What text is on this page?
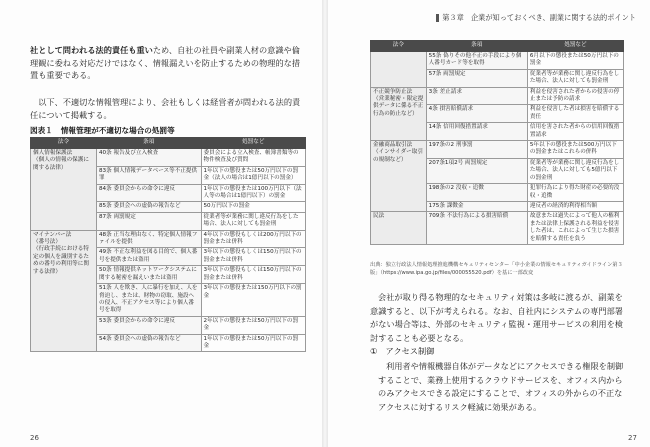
社として問われる法的責任も重いため、自社の社員や副業人材の意識や倫理観に委ねる対応だけではなく、情報漏えいを防止するための物理的な措置も重要である。

　以下、不適切な情報管理により、会社もしくは経営者が問われる法的責任について掲載する。

図表１ 情報管理が不適切な場合の処罰等
法令	条項	処罰など
個人情報保護法
（個人の情報の保護に関する法律）	40条 報告及び立入検査	委員会による立入検査、帳簿書類等の物件検査及び質問
	83条 個人情報データベース等不正提供罪	1年以下の懲役または50万円以下の罰金（法人の場合は1億円以下の罰金）
	84条 委員会からの命令に違反	1年以下の懲役または100万円以下（法人等の場合は1億円以下）の罰金
	85条 委員会への虚偽の報告など	50万円以下の罰金
	87条 両罰規定	従業者等が業務に関し違反行為をした場合、法人に対しても罰金刑
マイナンバー法
（番号法）
（行政手続における特定の個人を識別するための番号の利用等に関する法律）	48条 正当な理由なく、特定個人情報ファイルを提供	4年以下の懲役もしくは200万円以下の罰金または併科
	49条 不正な利益を図る目的で、個人番号を提供または盗用	3年以下の懲役もしくは150万円以下の罰金または併科
	50条 情報提供ネットワークシステムに関する秘密を漏えいまたは盗用	3年以下の懲役もしくは150万円以下の罰金または併科
	51条 人を欺き、人に暴行を加え、人を脅迫し、または、財物の窃取、施設への侵入、不正アクセス等により個人番号を取得	3年以下の懲役または150万円以下の罰金
	53条 委員会からの命令に違反	2年以下の懲役または50万円以下の罰金
	54条 委員会への虚偽の報告など	1年以下の懲役または50万円以下の罰金
26
第３章　企業が知っておくべき、副業に関する法的ポイント
法令	条項	処罰など
	55条 偽りその他不正の手段により個人番号カード等を取得	6月以下の懲役または50万円以下の罰金
	57条 両罰規定	従業者等が業務に関し違反行為をした場合、法人に対しても罰金刑
不正競争防止法
（営業秘密・限定提供データに係る不正行為の防止など）	3条 差止請求	利益を侵害された者からの侵害の停止または予防の請求
	4条 損害賠償請求	利益を侵害した者は損害を賠償する責任
	14条 信用回復措置請求	信用を害された者からの信用回復措置請求
金融商品取引法
（インサイダー取引の規制など）	197条の2 刑事罰	5年以下の懲役または500万円以下の罰金またはこれらの併科
	207条1項2号 両罰規定	従業者等が業務に関し違反行為をした場合、法人に対しても5億円以下の罰金刑
	198条の2 没収・追徴	犯罪行為により得た財産の必要的没収・追徴
	175条 課徴金	違反者の経済的利得相当額
民法	709条 不法行為による損害賠償	故意または過失によって他人の権利または法律上保護される利益を侵害した者は、これによって生じた損害を賠償する責任を負う
出典：独立行政法人情報処理推進機構セキュリティセンター「中小企業の情報セキュリティガイドライン第３版」（https://www.ipa.go.jp/files/000055520.pdf）を基に一部改変

会社が取り得る物理的なセキュリティ対策は多岐に渡るが、副業を意識すると、以下が考えられる。なお、自社内にシステムの専門部署がない場合等は、外部のセキュリティ監視・運用サービスの利用を検討することも必要となる。

①　アクセス制御

利用者や情報機器自体がデータなどにアクセスできる権限を制御することで、業務上使用するクラウドサービスを、オフィス内からのみアクセスできる設定にすることで、オフィスの外からの不正なアクセスに対するリスク軽減に効果がある。

27
